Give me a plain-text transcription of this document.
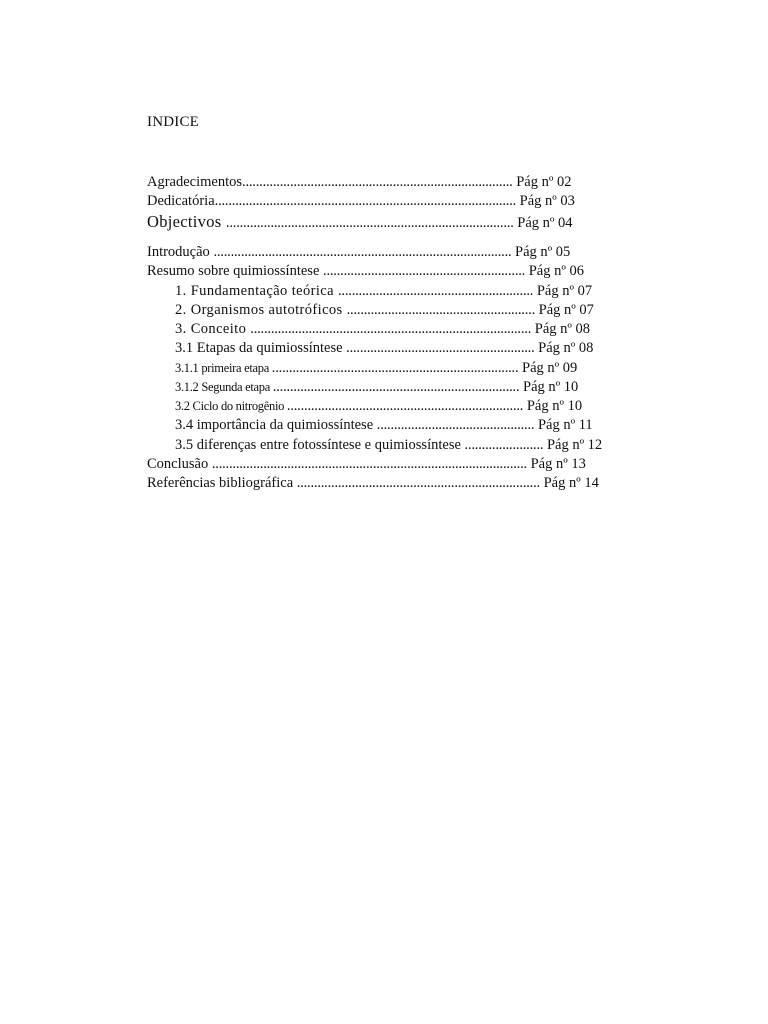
INDICE
Agradecimentos............................................................................... Pág nº 02
Dedicatória........................................................................................ Pág nº 03
Objectivos .................................................................................... Pág nº 04
Introdução ....................................................................................... Pág nº 05
Resumo sobre quimiossíntese ........................................................... Pág nº 06
1. Fundamentação teórica ......................................................... Pág nº 07
2. Organismos autotróficos ....................................................... Pág nº 07
3. Conceito .................................................................................. Pág nº 08
3.1 Etapas da quimiossíntese ....................................................... Pág nº 08
3.1.1 primeira etapa ........................................................................ Pág nº 09
3.1.2 Segunda etapa ........................................................................ Pág nº 10
3.2 Ciclo do nitrogênio ..................................................................... Pág nº 10
3.4 importância da quimiossíntese .............................................. Pág nº 11
3.5 diferenças entre fotossíntese e quimiossíntese ....................... Pág nº 12
Conclusão ............................................................................................ Pág nº 13
Referências bibliográfica ....................................................................... Pág nº 14
